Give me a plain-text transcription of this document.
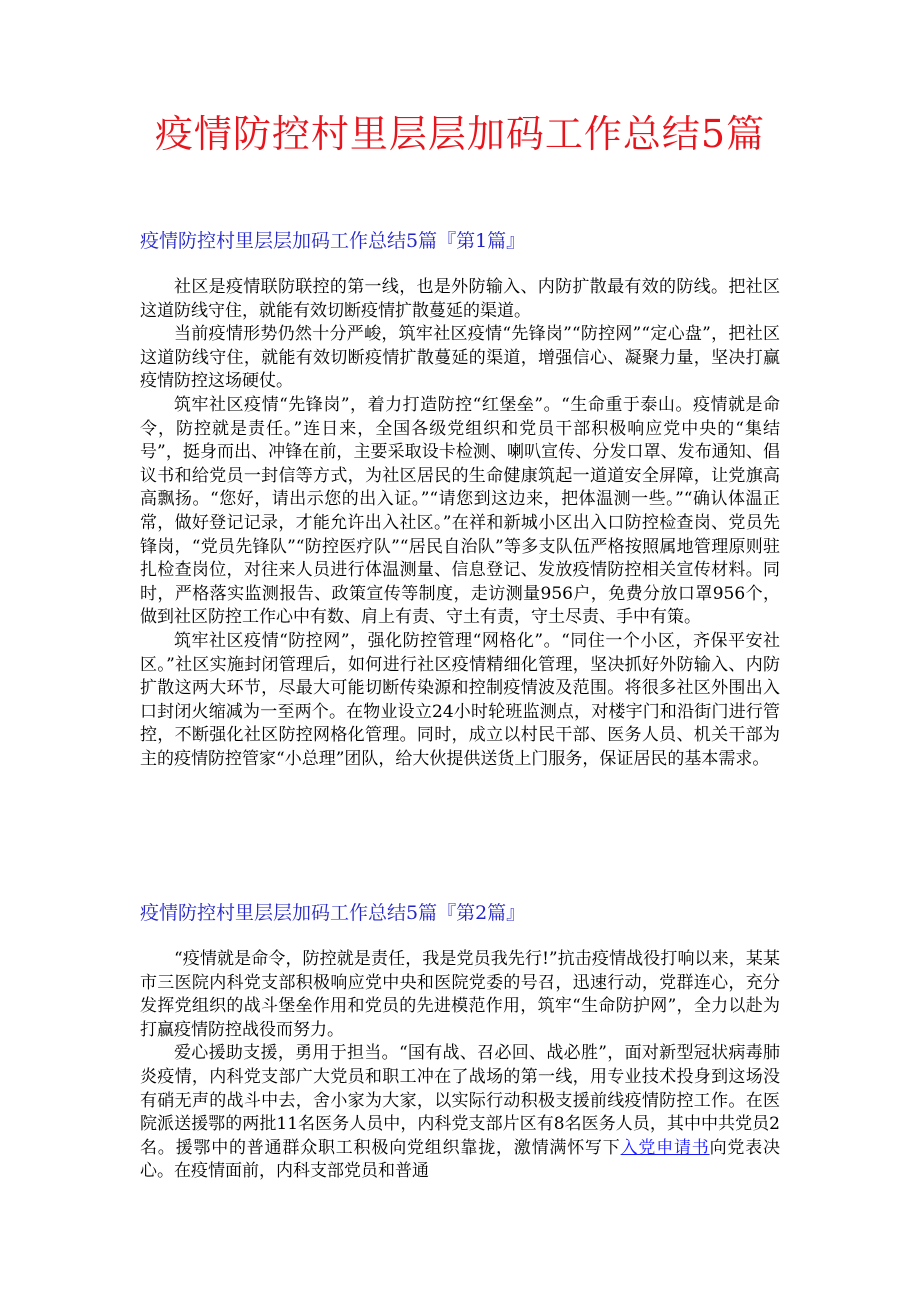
疫情防控村里层层加码工作总结5篇
疫情防控村里层层加码工作总结5篇『第1篇』

社区是疫情联防联控的第一线，也是外防输入、内防扩散最有效的防线。把社区这道防线守住，就能有效切断疫情扩散蔓延的渠道。

当前疫情形势仍然十分严峻，筑牢社区疫情“先锋岗”“防控网”“定心盘”，把社区这道防线守住，就能有效切断疫情扩散蔓延的渠道，增强信心、凝聚力量，坚决打赢疫情防控这场硬仗。

筑牢社区疫情“先锋岗”，着力打造防控“红堡垒”。“生命重于泰山。疫情就是命令，防控就是责任。”连日来，全国各级党组织和党员干部积极响应党中央的“集结号”，挺身而出、冲锋在前，主要采取设卡检测、喇叭宣传、分发口罩、发布通知、倡议书和给党员一封信等方式，为社区居民的生命健康筑起一道道安全屏障，让党旗高高飘扬。“您好，请出示您的出入证。”“请您到这边来，把体温测一些。”“确认体温正常，做好登记记录，才能允许出入社区。”在祥和新城小区出入口防控检查岗、党员先锋岗，“党员先锋队”“防控医疗队”“居民自治队”等多支队伍严格按照属地管理原则驻扎检查岗位，对往来人员进行体温测量、信息登记、发放疫情防控相关宣传材料。同时，严格落实监测报告、政策宣传等制度，走访测量956户，免费分放口罩956个，做到社区防控工作心中有数、肩上有责、守土有责，守土尽责、手中有策。

筑牢社区疫情“防控网”，强化防控管理“网格化”。“同住一个小区，齐保平安社区。”社区实施封闭管理后，如何进行社区疫情精细化管理，坚决抓好外防输入、内防扩散这两大环节，尽最大可能切断传染源和控制疫情波及范围。将很多社区外围出入口封闭火缩减为一至两个。在物业设立24小时轮班监测点，对楼宇门和沿街门进行管控，不断强化社区防控网格化管理。同时，成立以村民干部、医务人员、机关干部为主的疫情防控管家“小总理”团队，给大伙提供送货上门服务，保证居民的基本需求。

疫情防控村里层层加码工作总结5篇『第2篇』

“疫情就是命令，防控就是责任，我是党员我先行!”抗击疫情战役打响以来，某某市三医院内科党支部积极响应党中央和医院党委的号召，迅速行动，党群连心，充分发挥党组织的战斗堡垒作用和党员的先进模范作用，筑牢“生命防护网”，全力以赴为打赢疫情防控战役而努力。

爱心援助支援，勇用于担当。“国有战、召必回、战必胜”，面对新型冠状病毒肺炎疫情，内科党支部广大党员和职工冲在了战场的第一线，用专业技术投身到这场没有硝无声的战斗中去，舍小家为大家，以实际行动积极支援前线疫情防控工作。在医院派送援鄂的两批11名医务人员中，内科党支部片区有8名医务人员，其中中共党员2名。援鄂中的普通群众职工积极向党组织靠拢，激情满怀写下入党申请书向党表决心。在疫情面前，内科支部党员和普通
